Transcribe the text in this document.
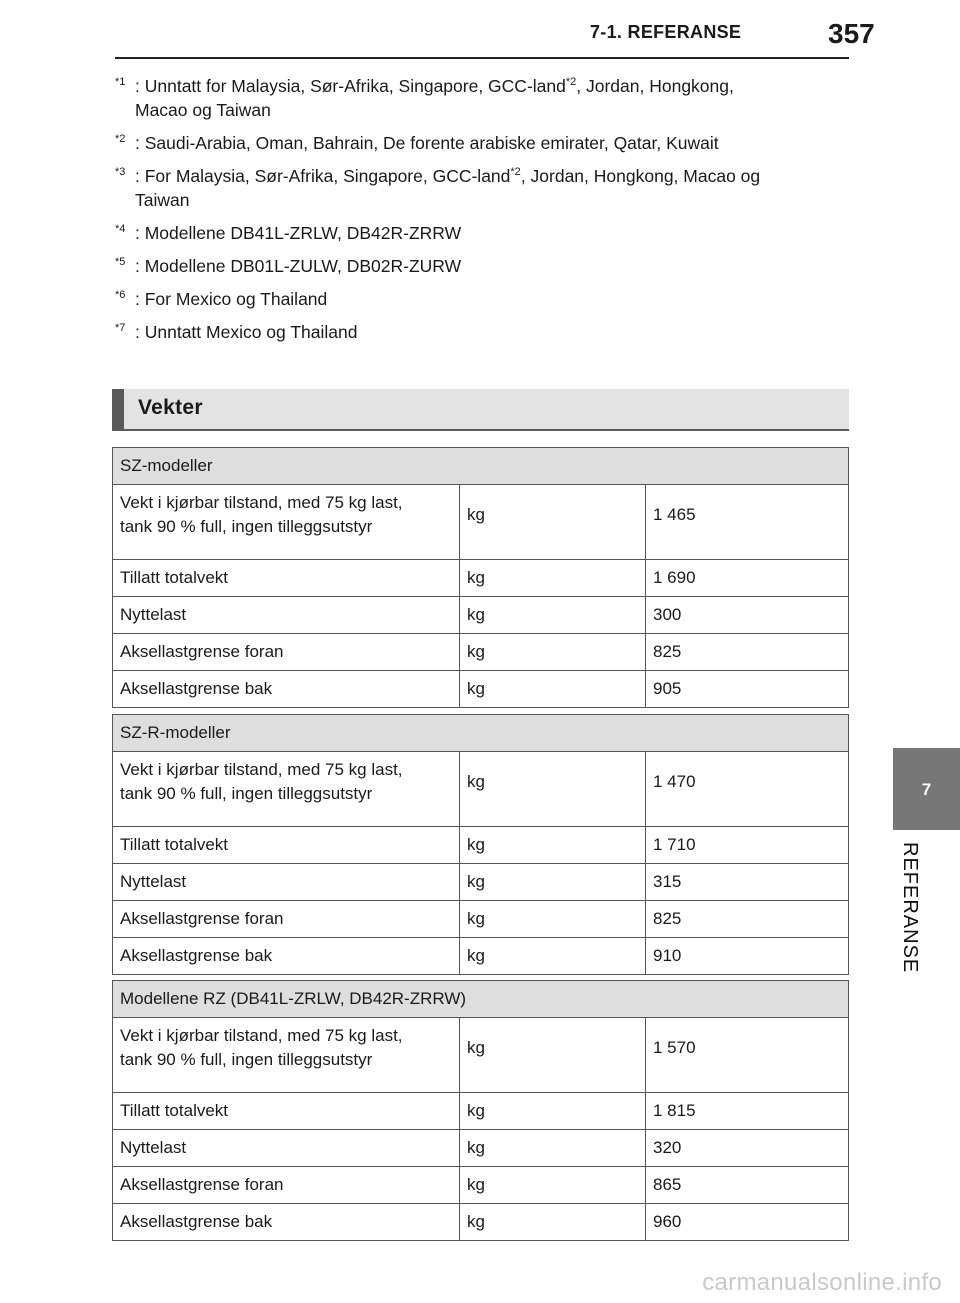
7-1. REFERANSE	357
$^{*1}$ : Unntatt for Malaysia, Sør-Afrika, Singapore, GCC-land$^{*2}$, Jordan, Hongkong,
Macao og Taiwan
$^{*2}$ : Saudi-Arabia, Oman, Bahrain, De forente arabiske emirater, Qatar, Kuwait
$^{*3}$ : For Malaysia, Sør-Afrika, Singapore, GCC-land$^{*2}$, Jordan, Hongkong, Macao og
Taiwan
$^{*4}$ : Modellene DB41L-ZRLW, DB42R-ZRRW
$^{*5}$ : Modellene DB01L-ZULW, DB02R-ZURW
$^{*6}$ : For Mexico og Thailand
$^{*7}$ : Unntatt Mexico og Thailand
Vekter
SZ-modeller		
Vekt i kjørbar tilstand, med 75 kg last,
tank 90 % full, ingen tilleggsutstyr	kg	1 465
Tillatt totalvekt	kg	1 690
Nyttelast	kg	300
Aksellastgrense foran	kg	825
Aksellastgrense bak	kg	905
SZ-R-modeller		
Vekt i kjørbar tilstand, med 75 kg last,
tank 90 % full, ingen tilleggsutstyr	kg	1 470
Tillatt totalvekt	kg	1 710
Nyttelast	kg	315
Aksellastgrense foran	kg	825
Aksellastgrense bak	kg	910
Modellene RZ (DB41L-ZRLW, DB42R-ZRRW)		
Vekt i kjørbar tilstand, med 75 kg last,
tank 90 % full, ingen tilleggsutstyr	kg	1 570
Tillatt totalvekt	kg	1 815
Nyttelast	kg	320
Aksellastgrense foran	kg	865
Aksellastgrense bak	kg	960
7
REFERANSE
carmanualsonline.info
